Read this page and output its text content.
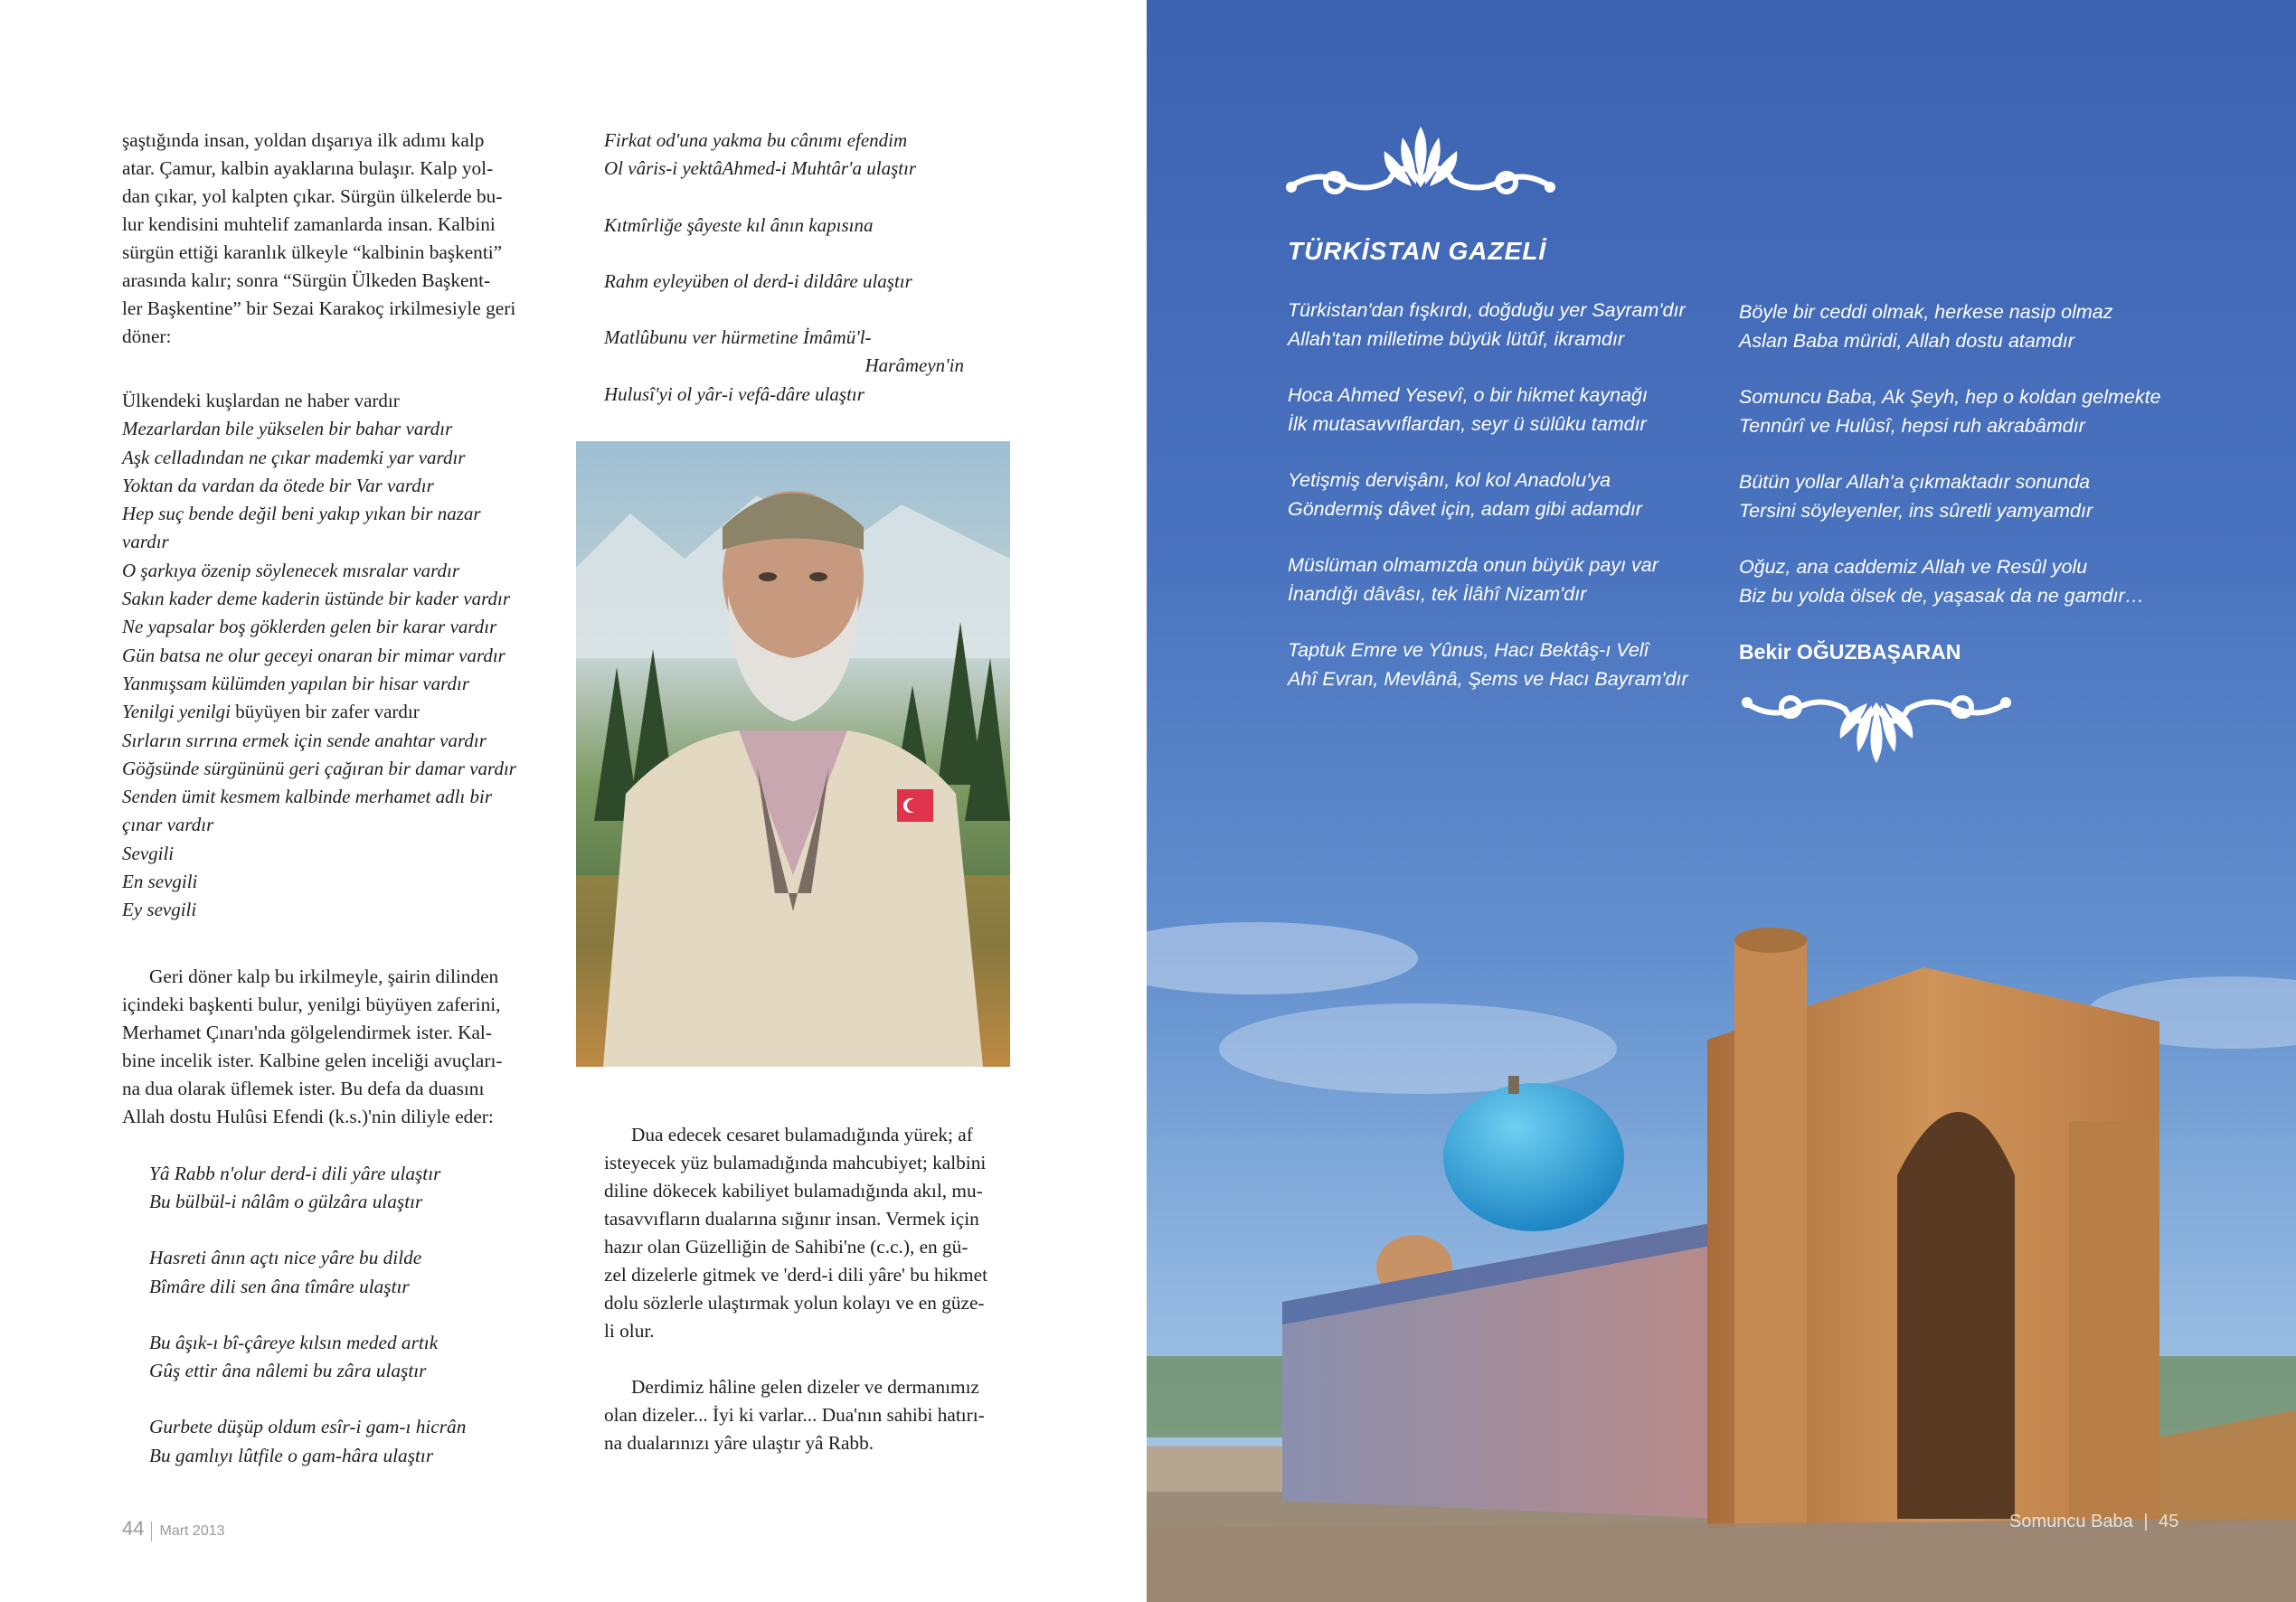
şaştığında insan, yoldan dışarıya ilk adımı kalp

atar. Çamur, kalbin ayaklarına bulaşır. Kalp yol-

dan çıkar, yol kalpten çıkar. Sürgün ülkelerde bu-

lur kendisini muhtelif zamanlarda insan. Kalbini

sürgün ettiği karanlık ülkeyle “kalbinin başkenti”

arasında kalır; sonra “Sürgün Ülkeden Başkent-

ler Başkentine” bir Sezai Karakoç irkilmesiyle geri

döner:

Ülkendeki kuşlardan ne haber vardır
Mezarlardan bile yükselen bir bahar vardır
Aşk celladından ne çıkar mademki yar vardır
Yoktan da vardan da ötede bir Var vardır
Hep suç bende değil beni yakıp yıkan bir nazar
vardır
O şarkıya özenip söylenecek mısralar vardır
Sakın kader deme kaderin üstünde bir kader vardır
Ne yapsalar boş göklerden gelen bir karar vardır
Gün batsa ne olur geceyi onaran bir mimar vardır
Yanmışsam külümden yapılan bir hisar vardır
Yenilgi yenilgi büyüyen bir zafer vardır
Sırların sırrına ermek için sende anahtar vardır
Göğsünde sürgününü geri çağıran bir damar vardır
Senden ümit kesmem kalbinde merhamet adlı bir
çınar vardır
Sevgili
En sevgili
Ey sevgili

Geri döner kalp bu irkilmeyle, şairin dilinden

içindeki başkenti bulur, yenilgi büyüyen zaferini,

Merhamet Çınarı'nda gölgelendirmek ister. Kal-

bine incelik ister. Kalbine gelen inceliği avuçları-

na dua olarak üflemek ister. Bu defa da duasını

Allah dostu Hulûsi Efendi (k.s.)'nin diliyle eder:

Yâ Rabb n'olur derd-i dili yâre ulaştır
Bu bülbül-i nâlâm o gülzâra ulaştır
Hasreti ânın açtı nice yâre bu dilde
Bîmâre dili sen âna tîmâre ulaştır
Bu âşık-ı bî-çâreye kılsın meded artık
Gûş ettir âna nâlemi bu zâra ulaştır
Gurbete düşüp oldum esîr-i gam-ı hicrân
Bu gamlıyı lûtfile o gam-hâra ulaştır
Firkat od'una yakma bu cânımı efendim
Ol vâris-i yektâAhmed-i Muhtâr'a ulaştır
Kıtmîrliğe şâyeste kıl ânın kapısına
Rahm eyleyüben ol derd-i dildâre ulaştır
Matlûbunu ver hürmetine İmâmü'l-
Harâmeyn'in
Hulusî'yi ol yâr-i vefâ-dâre ulaştır

Dua edecek cesaret bulamadığında yürek; af

isteyecek yüz bulamadığında mahcubiyet; kalbini

diline dökecek kabiliyet bulamadığında akıl, mu-

tasavvıfların dualarına sığınır insan. Vermek için

hazır olan Güzelliğin de Sahibi'ne (c.c.), en gü-

zel dizelerle gitmek ve 'derd-i dili yâre' bu hikmet

dolu sözlerle ulaştırmak yolun kolayı ve en güze-

li olur.

Derdimiz hâline gelen dizeler ve dermanımız

olan dizeler... İyi ki varlar... Dua'nın sahibi hatırı-

na dualarınızı yâre ulaştır yâ Rabb.

44 Mart 2013
TÜRKİSTAN GAZELİ
Türkistan'dan fışkırdı, doğduğu yer Sayram'dır
Allah'tan milletime büyük lütûf, ikramdır
Hoca Ahmed Yesevî, o bir hikmet kaynağı
İlk mutasavvıflardan, seyr ü sülûku tamdır
Yetişmiş dervişânı, kol kol Anadolu'ya
Göndermiş dâvet için, adam gibi adamdır
Müslüman olmamızda onun büyük payı var
İnandığı dâvâsı, tek İlâhî Nizam'dır
Taptuk Emre ve Yûnus, Hacı Bektâş-ı Velî
Ahî Evran, Mevlânâ, Şems ve Hacı Bayram'dır
Böyle bir ceddi olmak, herkese nasip olmaz
Aslan Baba müridi, Allah dostu atamdır
Somuncu Baba, Ak Şeyh, hep o koldan gelmekte
Tennûrî ve Hulûsî, hepsi ruh akrabâmdır
Bütün yollar Allah'a çıkmaktadır sonunda
Tersini söyleyenler, ins sûretli yamyamdır
Oğuz, ana caddemiz Allah ve Resûl yolu
Biz bu yolda ölsek de, yaşasak da ne gamdır…
Bekir OĞUZBAŞARAN
Somuncu Baba | 45
